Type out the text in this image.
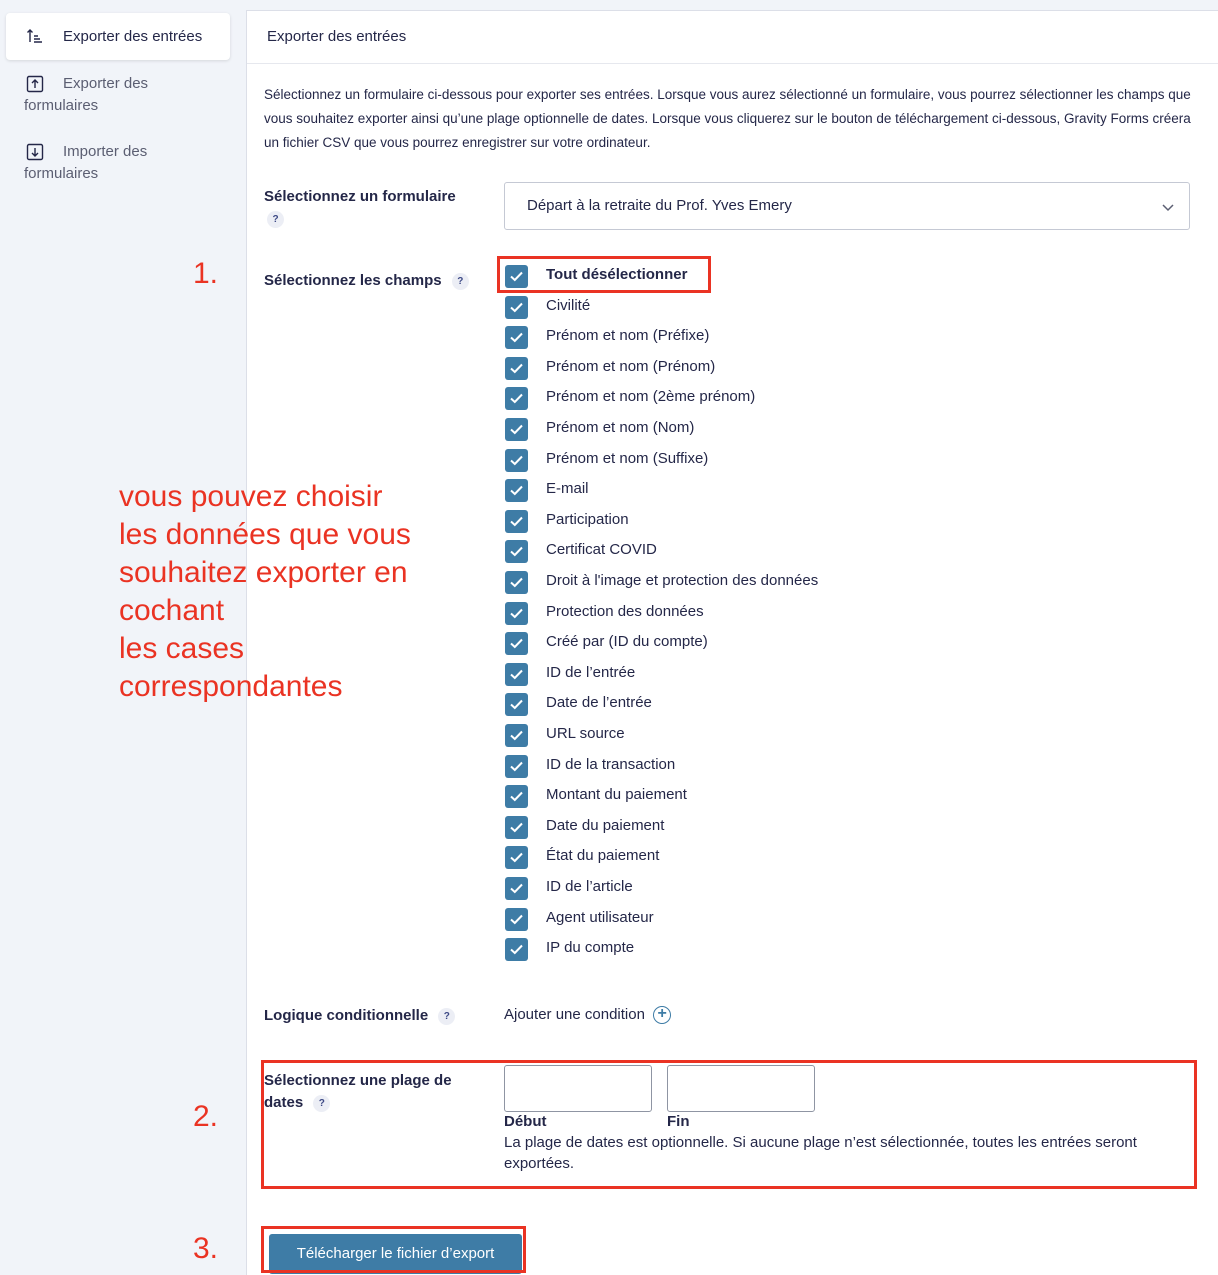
Exporter des entrées
Exporter des formulaires
Importer des formulaires
Exporter des entrées

Sélectionnez un formulaire ci-dessous pour exporter ses entrées. Lorsque vous aurez sélectionné un formulaire, vous pourrez sélectionner les champs que vous souhaitez exporter ainsi qu’une plage optionnelle de dates. Lorsque vous cliquerez sur le bouton de téléchargement ci-dessous, Gravity Forms créera un fichier CSV que vous pourrez enregistrer sur votre ordinateur.

Sélectionnez un formulaire
?
Départ à la retraite du Prof. Yves Emery
Sélectionnez les champs ?	Tout désélectionner
Civilité
Prénom et nom (Préfixe)
Prénom et nom (Prénom)
Prénom et nom (2ème prénom)
Prénom et nom (Nom)
Prénom et nom (Suffixe)
E-mail
Participation
Certificat COVID
Droit à l'image et protection des données
Protection des données
Créé par (ID du compte)
ID de l’entrée
Date de l’entrée
URL source
ID de la transaction
Montant du paiement
Date du paiement
État du paiement
ID de l’article
Agent utilisateur
IP du compte
Logique conditionnelle ?	Ajouter une condition +
Sélectionnez une plage de dates ?
Début	Fin

La plage de dates est optionnelle. Si aucune plage n’est sélectionnée, toutes les entrées seront exportées.

Télécharger le fichier d’export
1.
2.
3.
vous pouvez choisir
les données que vous
souhaitez exporter en
cochant
les cases
correspondantes
